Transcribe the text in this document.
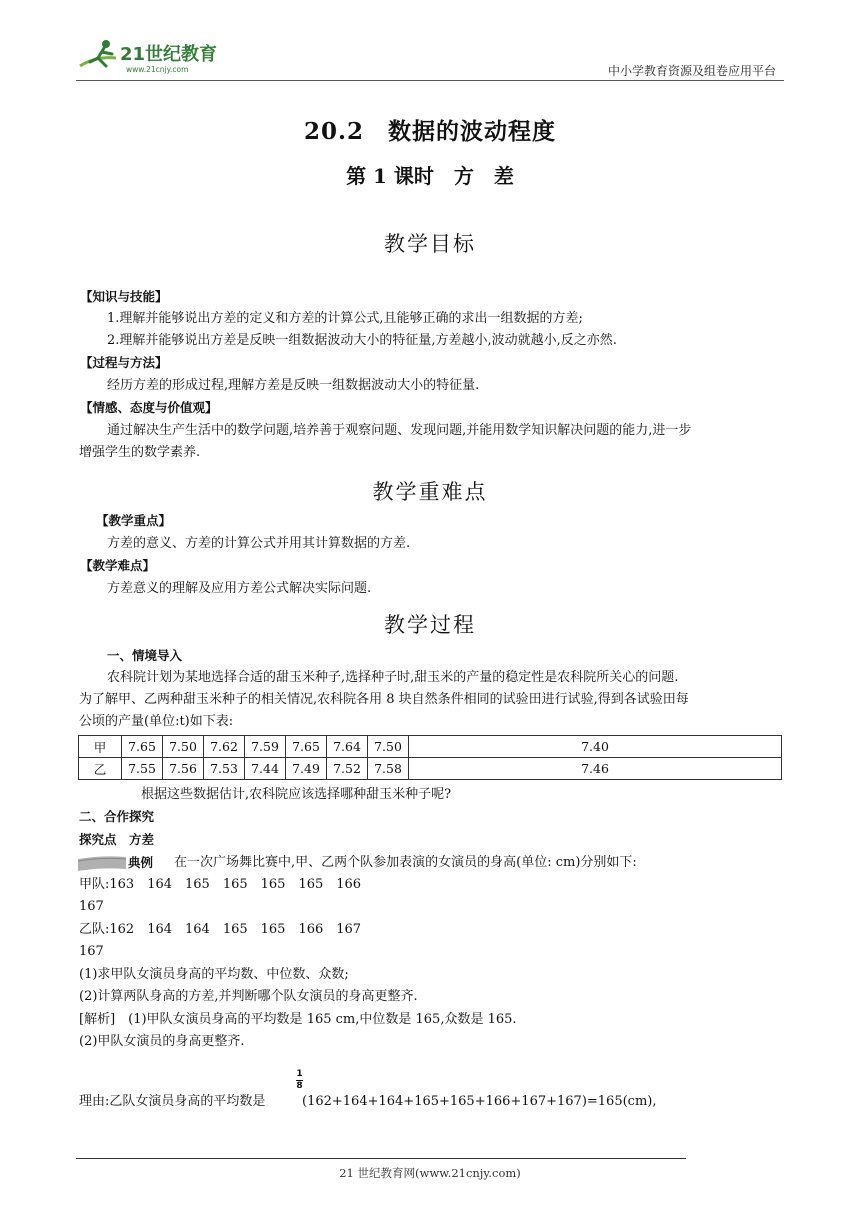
21世纪教育
www.21cnjy.com	中小学教育资源及组卷应用平台
20.2　数据的波动程度
第 1 课时　方　差
教学目标
【知识与技能】
1.理解并能够说出方差的定义和方差的计算公式,且能够正确的求出一组数据的方差;
2.理解并能够说出方差是反映一组数据波动大小的特征量,方差越小,波动就越小,反之亦然.
【过程与方法】
经历方差的形成过程,理解方差是反映一组数据波动大小的特征量.
【情感、态度与价值观】
通过解决生产生活中的数学问题,培养善于观察问题、发现问题,并能用数学知识解决问题的能力,进一步
增强学生的数学素养.
教学重难点
【教学重点】
方差的意义、方差的计算公式并用其计算数据的方差.
【教学难点】
方差意义的理解及应用方差公式解决实际问题.
教学过程
一、情境导入
农科院计划为某地选择合适的甜玉米种子,选择种子时,甜玉米的产量的稳定性是农科院所关心的问题.
为了解甲、乙两种甜玉米种子的相关情况,农科院各用 8 块自然条件相同的试验田进行试验,得到各试验田每
公顷的产量(单位:t)如下表:
甲	7.65	7.50	7.62	7.59	7.65	7.64	7.50	7.40
乙	7.55	7.56	7.53	7.44	7.49	7.52	7.58	7.46
根据这些数据估计,农科院应该选择哪种甜玉米种子呢?
二、合作探究
探究点　方差
典例 在一次广场舞比赛中,甲、乙两个队参加表演的女演员的身高(单位: cm)分别如下:
甲队:163　164　165　165　165　165　166
167
乙队:162　164　164　165　165　166　167
167
(1)求甲队女演员身高的平均数、中位数、众数;
(2)计算两队身高的方差,并判断哪个队女演员的身高更整齐.
[解析]　(1)甲队女演员身高的平均数是 165 cm,中位数是 165,众数是 165.
(2)甲队女演员的身高更整齐.
1
8
理由:乙队女演员身高的平均数是	(162+164+164+165+165+166+167+167)=165(cm),
21 世纪教育网(www.21cnjy.com)
